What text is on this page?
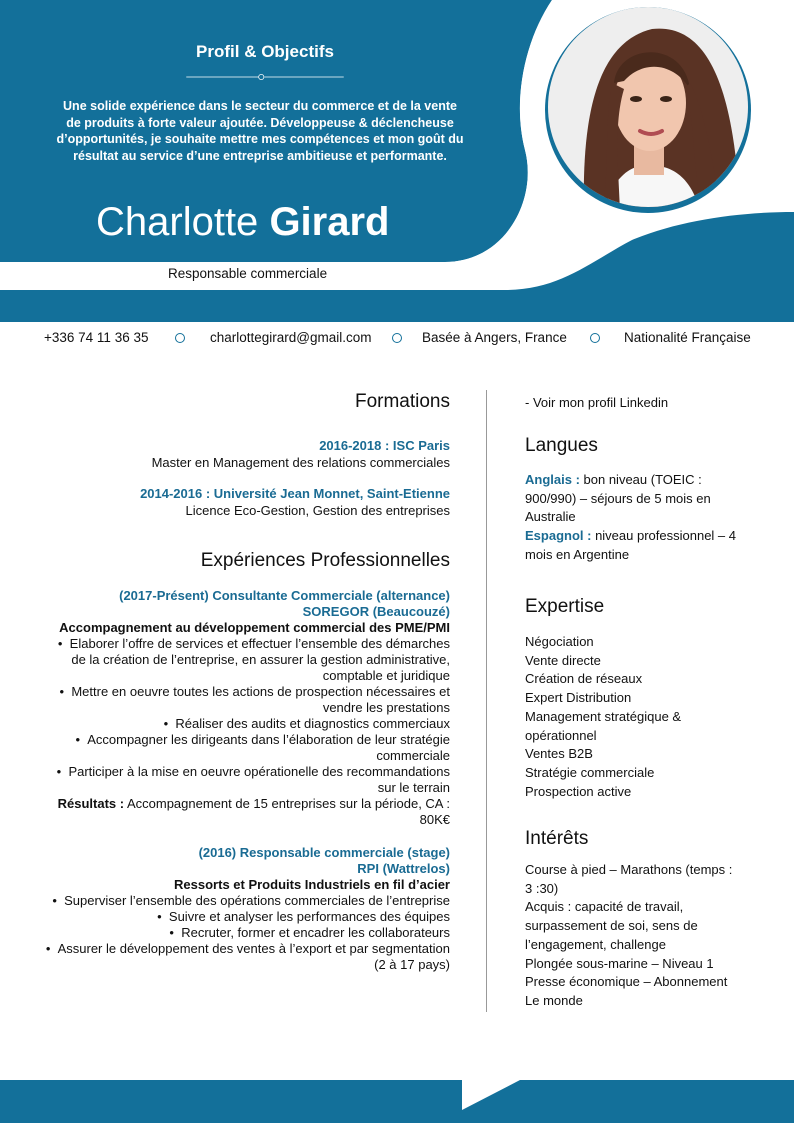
Profil & Objectifs
Une solide expérience dans le secteur du commerce et de la vente
de produits à forte valeur ajoutée. Développeuse & déclencheuse
d’opportunités, je souhaite mettre mes compétences et mon goût du
résultat au service d’une entreprise ambitieuse et performante.
Charlotte Girard
Responsable commerciale
+336 74 11 36 35	charlottegirard@gmail.com	Basée à Angers, France	Nationalité Française
Formations
2016-2018 : ISC Paris
Master en Management des relations commerciales
2014-2016 : Université Jean Monnet, Saint-Etienne
Licence Eco-Gestion, Gestion des entreprises
Expériences Professionnelles
(2017-Présent) Consultante Commerciale (alternance)
SOREGOR (Beaucouzé)
Accompagnement au développement commercial des PME/PMI
•  Elaborer l’offre de services et effectuer l’ensemble des démarches
de la création de l’entreprise, en assurer la gestion administrative,
comptable et juridique
•  Mettre en oeuvre toutes les actions de prospection nécessaires et
vendre les prestations
•  Réaliser des audits et diagnostics commerciaux
•  Accompagner les dirigeants dans l’élaboration de leur stratégie
commerciale
•  Participer à la mise en oeuvre opérationelle des recommandations
sur le terrain
Résultats : Accompagnement de 15 entreprises sur la période, CA :
80K€
(2016) Responsable commerciale (stage)
RPI (Wattrelos)
Ressorts et Produits Industriels en fil d’acier
•  Superviser l’ensemble des opérations commerciales de l’entreprise
•  Suivre et analyser les performances des équipes
•  Recruter, former et encadrer les collaborateurs
•  Assurer le développement des ventes à l’export et par segmentation
(2 à 17 pays)
- Voir mon profil Linkedin
Langues
Anglais : bon niveau (TOEIC :
900/990) – séjours de 5 mois en
Australie
Espagnol : niveau professionnel – 4
mois en Argentine
Expertise
Négociation
Vente directe
Création de réseaux
Expert Distribution
Management stratégique &
opérationnel
Ventes B2B
Stratégie commerciale
Prospection active
Intérêts
Course à pied – Marathons (temps :
3 :30)
Acquis : capacité de travail,
surpassement de soi, sens de
l’engagement, challenge
Plongée sous-marine – Niveau 1
Presse économique – Abonnement
Le monde
